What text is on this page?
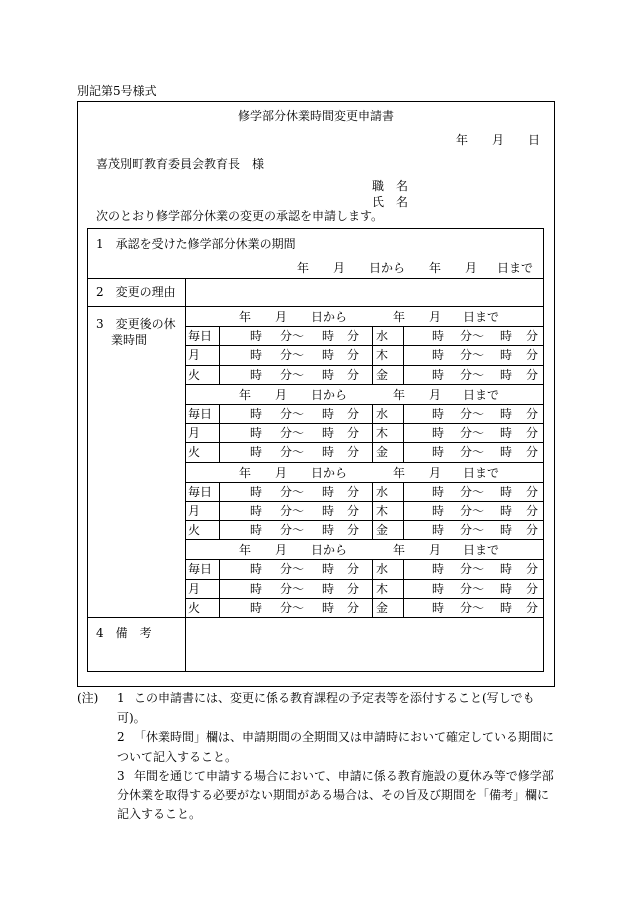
別記第5号様式
修学部分休業時間変更申請書
年 月 日
喜茂別町教育委員会教育長　様
職　名
氏　名
次のとおり修学部分休業の変更の承認を申請します。
1　承認を受けた修学部分休業の期間
年 月 日から 年 月 日まで
2　変更の理由
3　変更後の休
業時間
年 月 日から	年 月 日まで
毎日	時 分〜 時 分 水	時 分〜 時 分
月	時 分〜 時 分 木	時 分〜 時 分
火	時 分〜 時 分 金	時 分〜 時 分
年 月 日から	年 月 日まで
毎日	時 分〜 時 分 水	時 分〜 時 分
月	時 分〜 時 分 木	時 分〜 時 分
火	時 分〜 時 分 金	時 分〜 時 分
年 月 日から	年 月 日まで
毎日	時 分〜 時 分 水	時 分〜 時 分
月	時 分〜 時 分 木	時 分〜 時 分
火	時 分〜 時 分 金	時 分〜 時 分
年 月 日から	年 月 日まで
毎日	時 分〜 時 分 水	時 分〜 時 分
月	時 分〜 時 分 木	時 分〜 時 分
火	時 分〜 時 分 金	時 分〜 時 分
4　備　考
(注) 1 この申請書には、変更に係る教育課程の予定表等を添付すること(写しでも
可)。
2 「休業時間」欄は、申請期間の全期間又は申請時において確定している期間に
ついて記入すること。
3 年間を通じて申請する場合において、申請に係る教育施設の夏休み等で修学部
分休業を取得する必要がない期間がある場合は、その旨及び期間を「備考」欄に
記入すること。
